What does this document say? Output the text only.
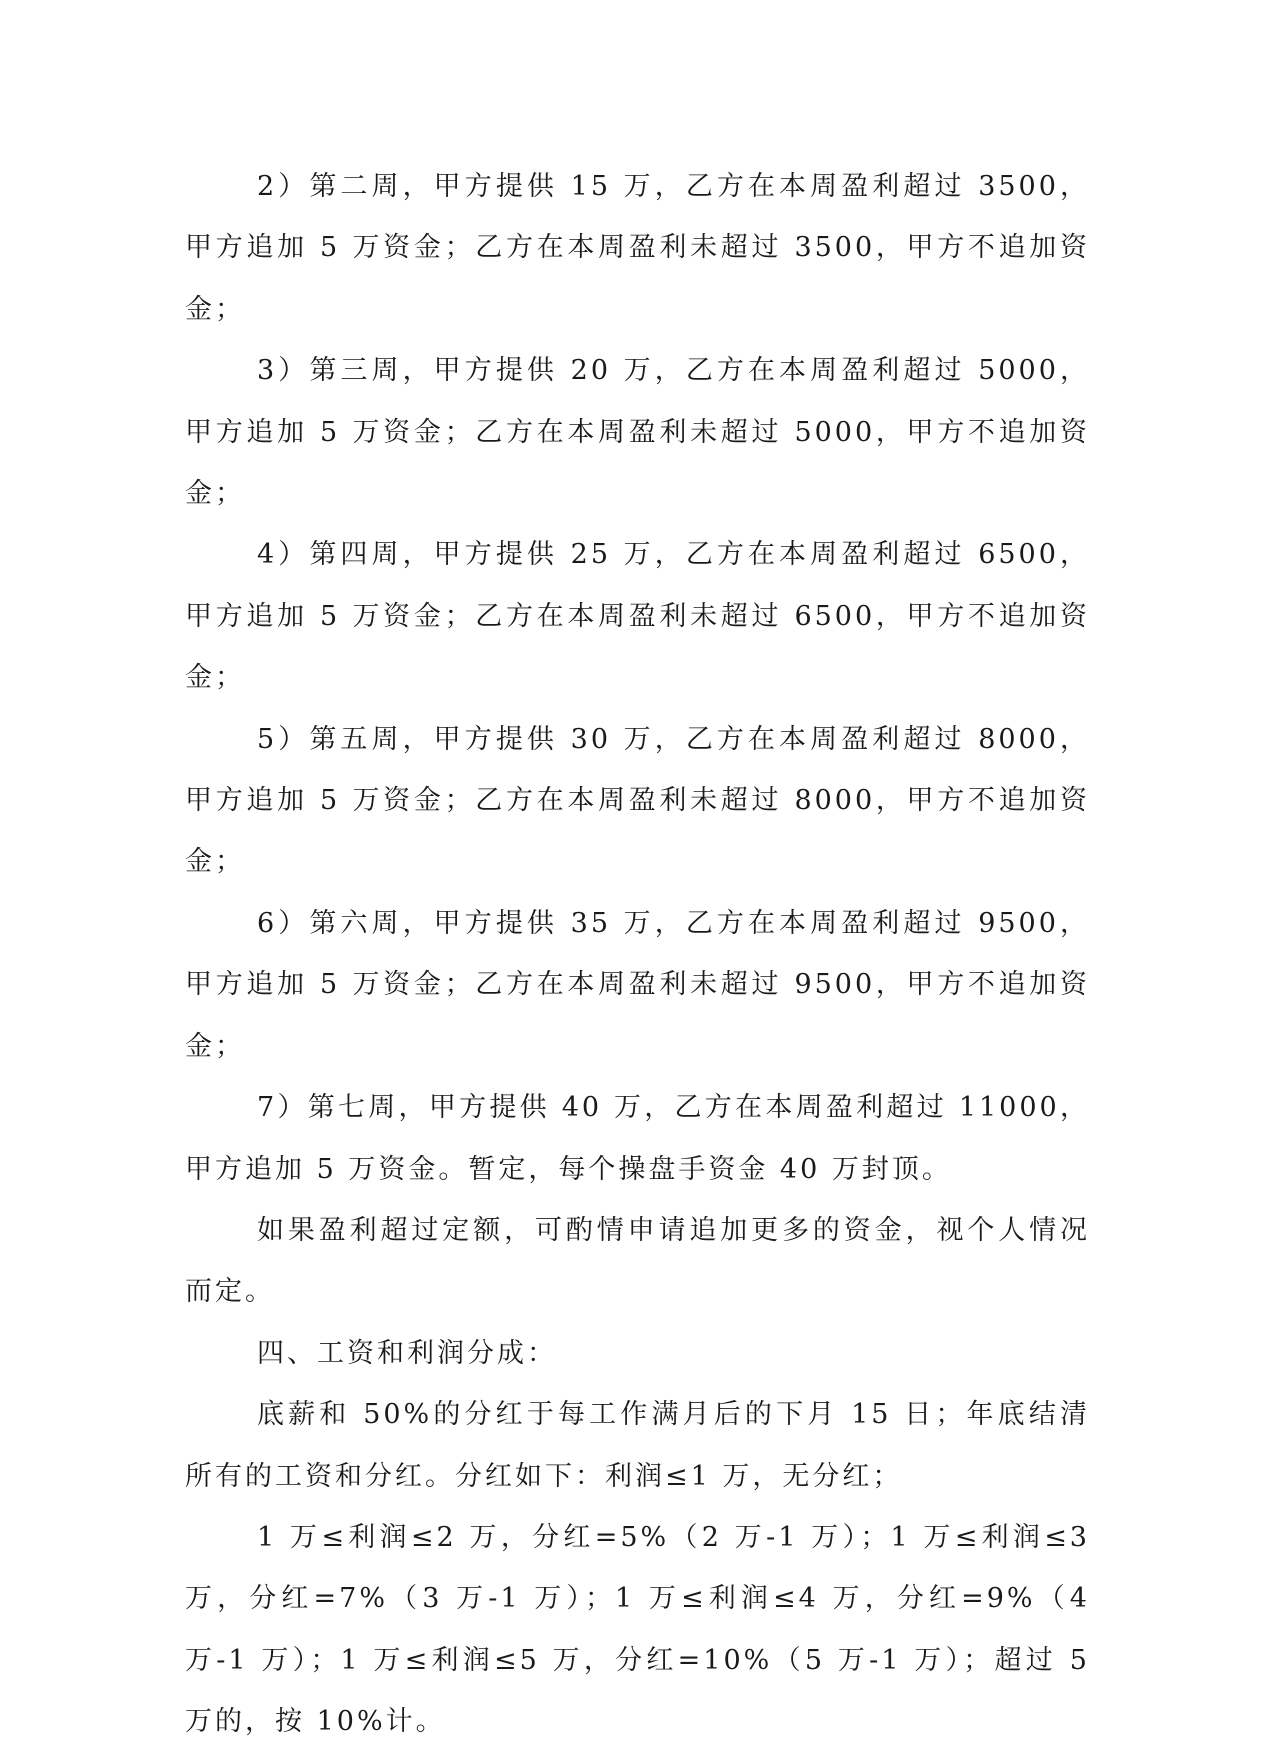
2）第二周，甲方提供 15 万，乙方在本周盈利超过 3500，甲方追加 5 万资金；乙方在本周盈利未超过 3500，甲方不追加资金；

3）第三周，甲方提供 20 万，乙方在本周盈利超过 5000，甲方追加 5 万资金；乙方在本周盈利未超过 5000，甲方不追加资金；

4）第四周，甲方提供 25 万，乙方在本周盈利超过 6500，甲方追加 5 万资金；乙方在本周盈利未超过 6500，甲方不追加资金；

5）第五周，甲方提供 30 万，乙方在本周盈利超过 8000，甲方追加 5 万资金；乙方在本周盈利未超过 8000，甲方不追加资金；

6）第六周，甲方提供 35 万，乙方在本周盈利超过 9500，甲方追加 5 万资金；乙方在本周盈利未超过 9500，甲方不追加资金；

7）第七周，甲方提供 40 万，乙方在本周盈利超过 11000，甲方追加 5 万资金。暂定，每个操盘手资金 40 万封顶。

如果盈利超过定额，可酌情申请追加更多的资金，视个人情况而定。

四、工资和利润分成：

底薪和 50%的分红于每工作满月后的下月 15 日；年底结清所有的工资和分红。分红如下：利润≤1 万，无分红；

1 万≤利润≤2 万，分红=5%（2 万-1 万）；1 万≤利润≤3 万，分红=7%（3 万-1 万）；1 万≤利润≤4 万，分红=9%（4 万-1 万）；1 万≤利润≤5 万，分红=10%（5 万-1 万）；超过 5 万的，按 10%计。
